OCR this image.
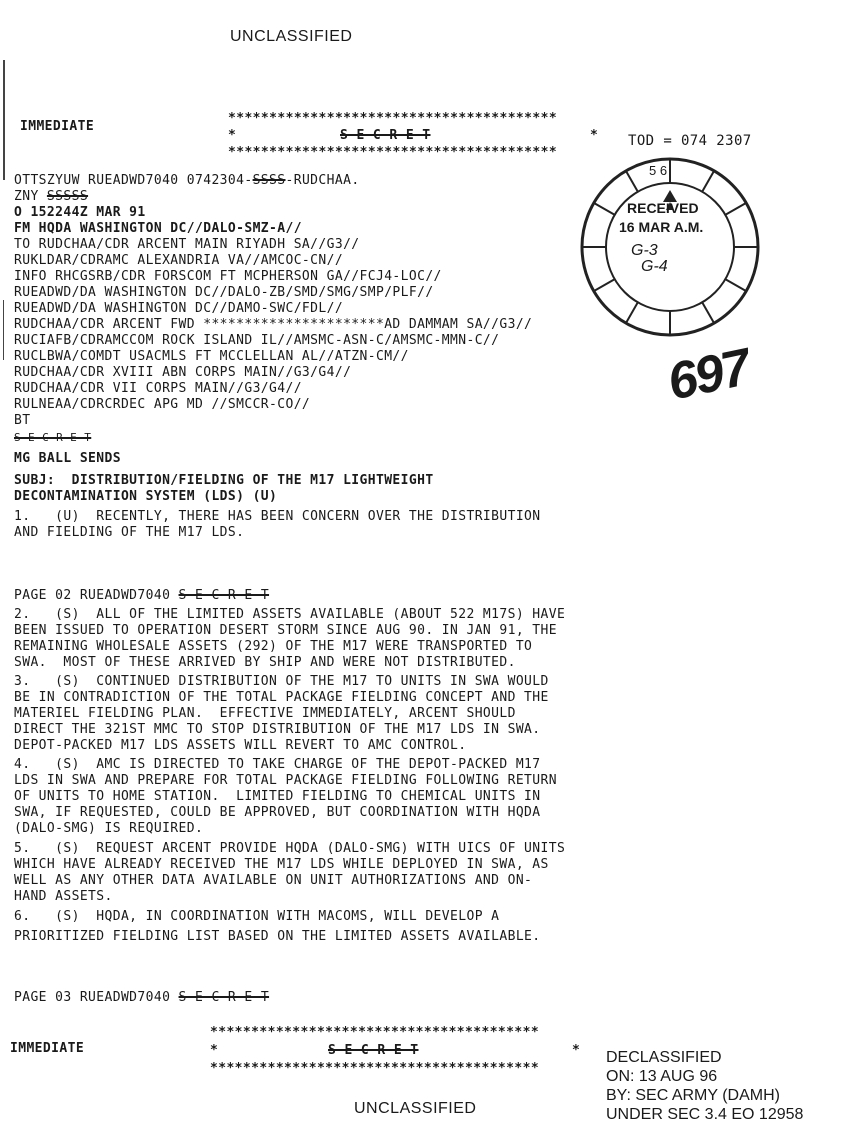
UNCLASSIFIED
IMMEDIATE
****************************************
*	S E C R E T	*
****************************************
TOD = 074 2307
OTTSZYUW RUEADWD7040 0742304-SSSS-RUDCHAA.
ZNY SSSSS
O 152244Z MAR 91
FM HQDA WASHINGTON DC//DALO-SMZ-A//
TO RUDCHAA/CDR ARCENT MAIN RIYADH SA//G3//
RUKLDAR/CDRAMC ALEXANDRIA VA//AMCOC-CN//
INFO RHCGSRB/CDR FORSCOM FT MCPHERSON GA//FCJ4-LOC//
RUEADWD/DA WASHINGTON DC//DALO-ZB/SMD/SMG/SMP/PLF//
RUEADWD/DA WASHINGTON DC//DAMO-SWC/FDL//
RUDCHAA/CDR ARCENT FWD **********************AD DAMMAM SA//G3//
RUCIAFB/CDRAMCCOM ROCK ISLAND IL//AMSMC-ASN-C/AMSMC-MMN-C//
RUCLBWA/COMDT USACMLS FT MCCLELLAN AL//ATZN-CM//
RUDCHAA/CDR XVIII ABN CORPS MAIN//G3/G4//
RUDCHAA/CDR VII CORPS MAIN//G3/G4//
RULNEAA/CDRCRDEC APG MD //SMCCR-CO//
BT
S E C R E T
MG BALL SENDS
SUBJ:  DISTRIBUTION/FIELDING OF THE M17 LIGHTWEIGHT
DECONTAMINATION SYSTEM (LDS) (U)
1.   (U)  RECENTLY, THERE HAS BEEN CONCERN OVER THE DISTRIBUTION
AND FIELDING OF THE M17 LDS.
PAGE 02 RUEADWD7040 S E C R E T
2.   (S)  ALL OF THE LIMITED ASSETS AVAILABLE (ABOUT 522 M17S) HAVE
BEEN ISSUED TO OPERATION DESERT STORM SINCE AUG 90. IN JAN 91, THE
REMAINING WHOLESALE ASSETS (292) OF THE M17 WERE TRANSPORTED TO
SWA.  MOST OF THESE ARRIVED BY SHIP AND WERE NOT DISTRIBUTED.
3.   (S)  CONTINUED DISTRIBUTION OF THE M17 TO UNITS IN SWA WOULD
BE IN CONTRADICTION OF THE TOTAL PACKAGE FIELDING CONCEPT AND THE
MATERIEL FIELDING PLAN.  EFFECTIVE IMMEDIATELY, ARCENT SHOULD
DIRECT THE 321ST MMC TO STOP DISTRIBUTION OF THE M17 LDS IN SWA.
DEPOT-PACKED M17 LDS ASSETS WILL REVERT TO AMC CONTROL.
4.   (S)  AMC IS DIRECTED TO TAKE CHARGE OF THE DEPOT-PACKED M17
LDS IN SWA AND PREPARE FOR TOTAL PACKAGE FIELDING FOLLOWING RETURN
OF UNITS TO HOME STATION.  LIMITED FIELDING TO CHEMICAL UNITS IN
SWA, IF REQUESTED, COULD BE APPROVED, BUT COORDINATION WITH HQDA
(DALO-SMG) IS REQUIRED.
5.   (S)  REQUEST ARCENT PROVIDE HQDA (DALO-SMG) WITH UICS OF UNITS
WHICH HAVE ALREADY RECEIVED THE M17 LDS WHILE DEPLOYED IN SWA, AS
WELL AS ANY OTHER DATA AVAILABLE ON UNIT AUTHORIZATIONS AND ON-
HAND ASSETS.
6.   (S)  HQDA, IN COORDINATION WITH MACOMS, WILL DEVELOP A
PRIORITIZED FIELDING LIST BASED ON THE LIMITED ASSETS AVAILABLE.
PAGE 03 RUEADWD7040 S E C R E T
IMMEDIATE
****************************************
*	S E C R E T	*
****************************************
UNCLASSIFIED
DECLASSIFIED
ON: 13 AUG 96
BY: SEC ARMY (DAMH)
UNDER SEC 3.4 EO 12958
RECEIVED
16 MAR A.M.
5 6
G-3
G-4
697
